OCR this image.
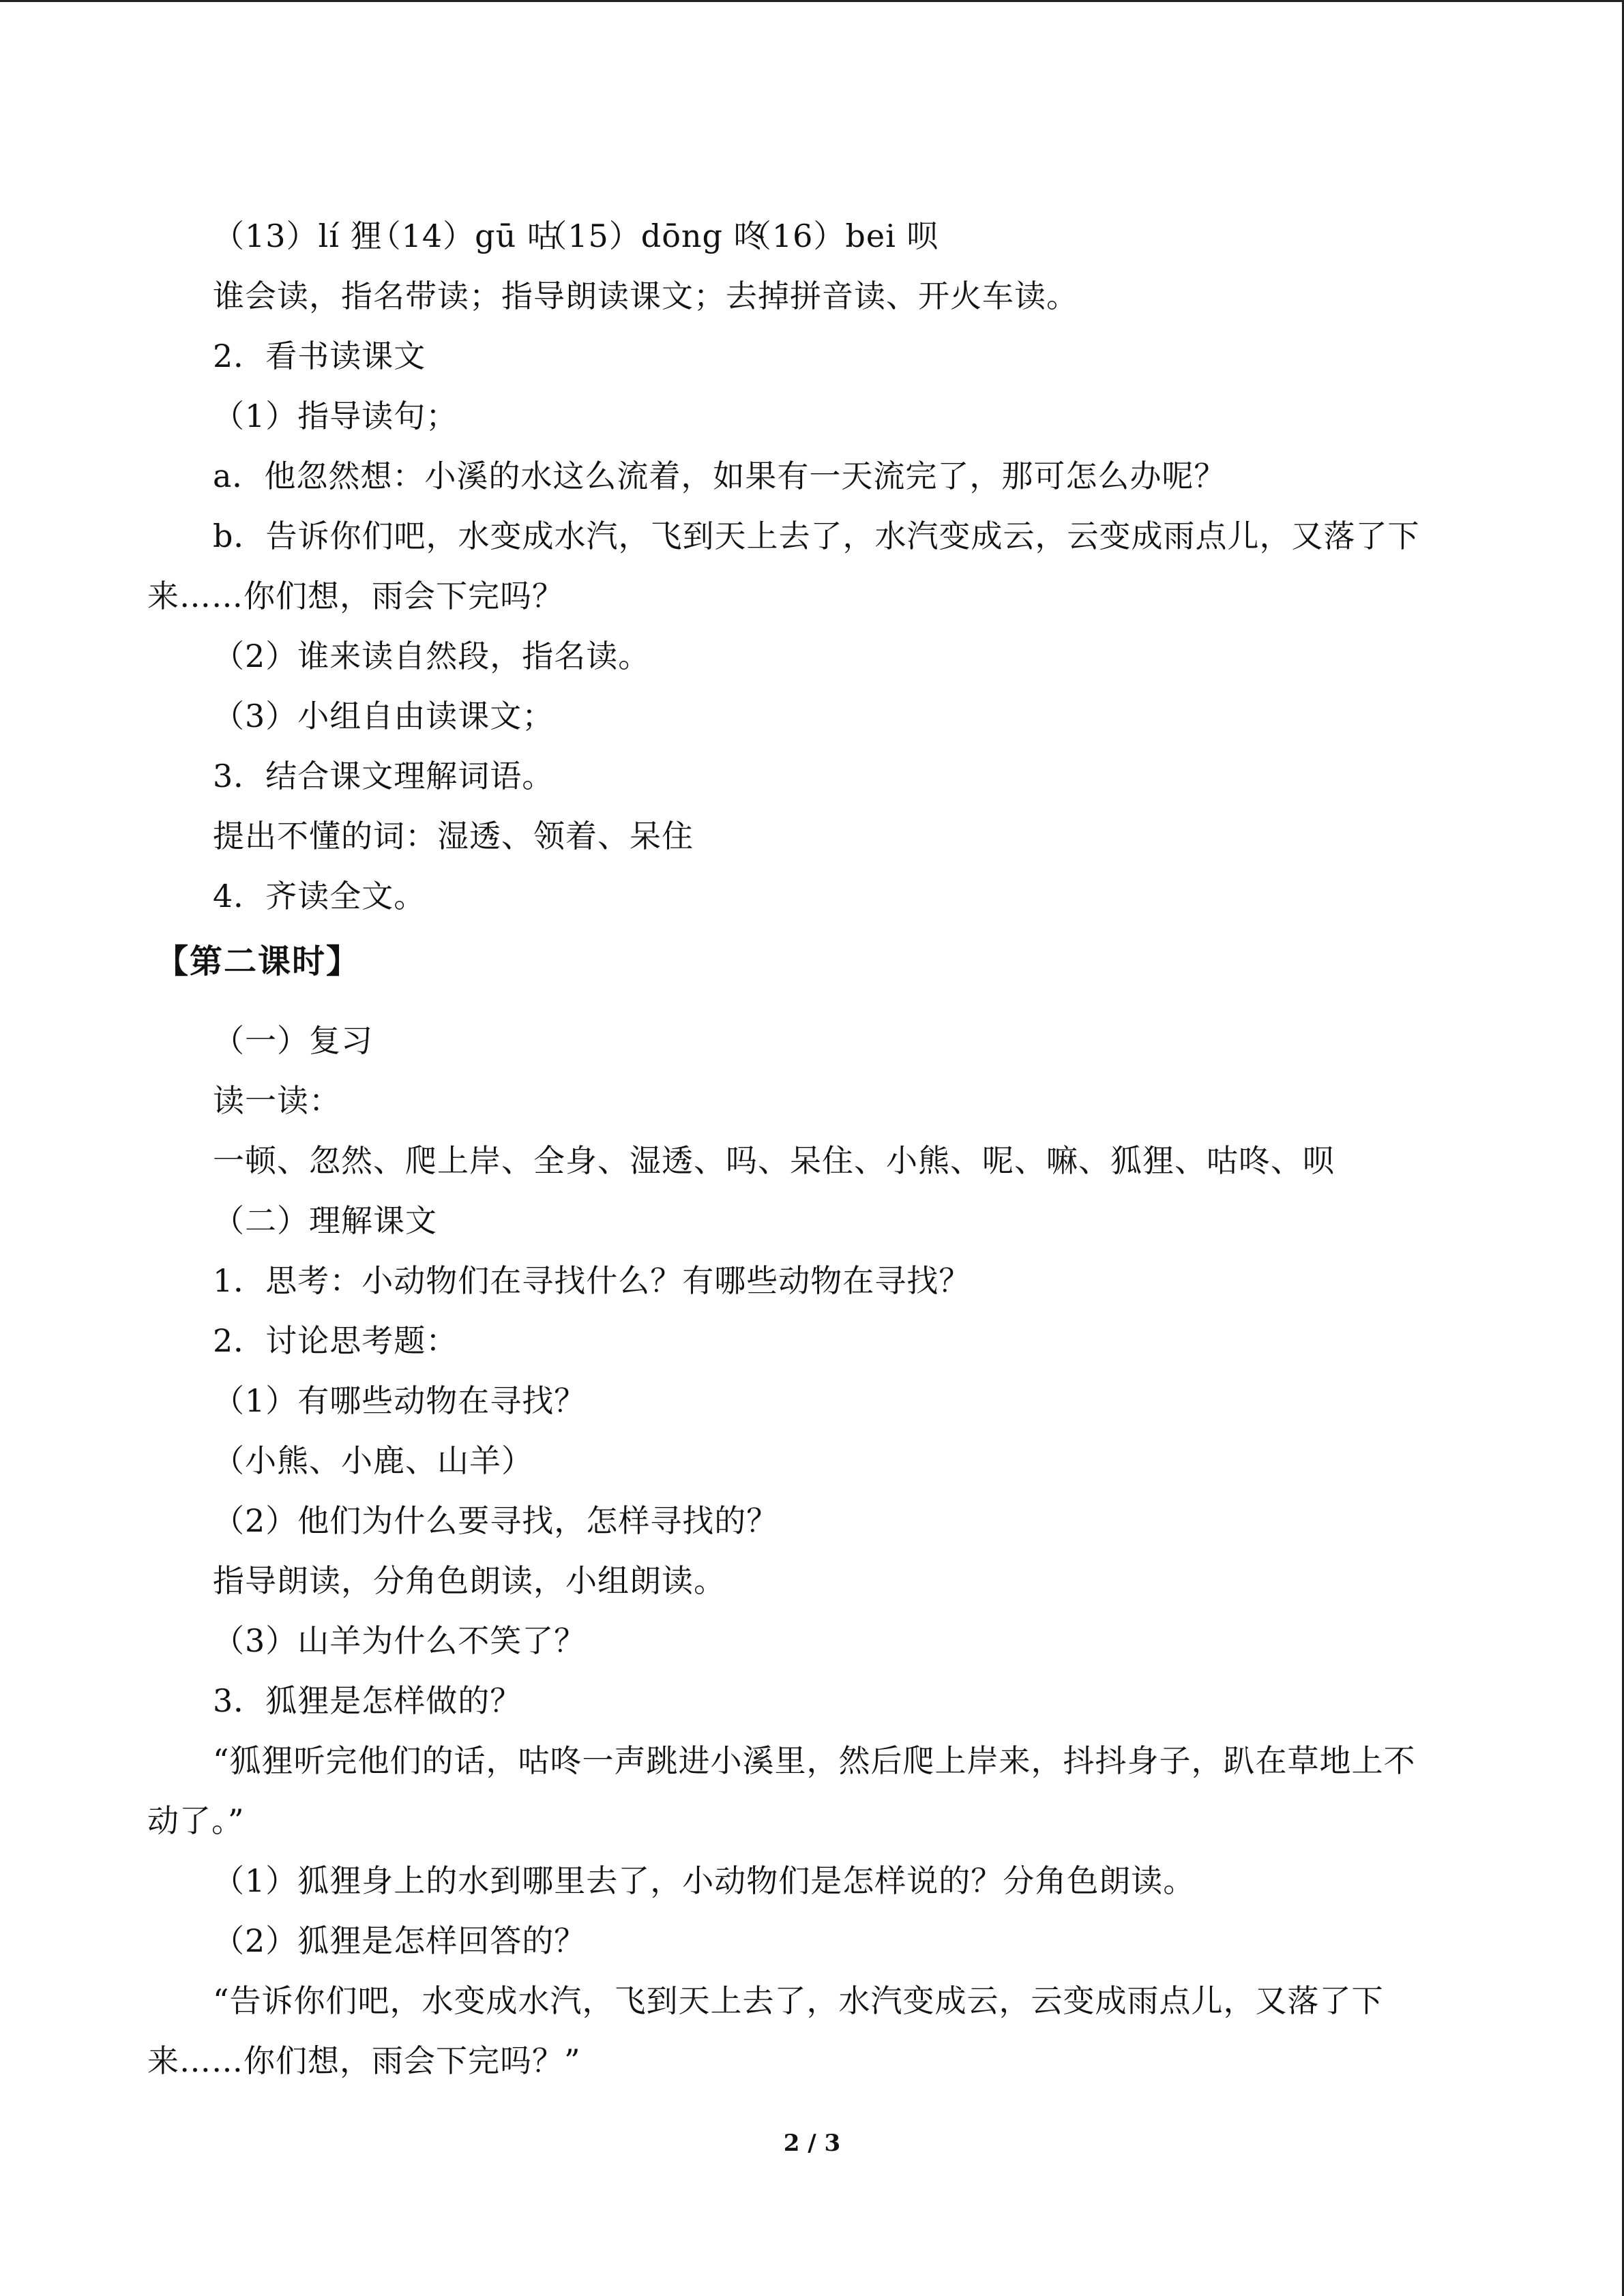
（13）lí 狸 （14）gū 咕 （15）dōng 咚 （16）bei 呗
谁会读，指名带读；指导朗读课文；去掉拼音读、开火车读。
2．看书读课文
（1）指导读句；
a．他忽然想：小溪的水这么流着，如果有一天流完了，那可怎么办呢？
b．告诉你们吧，水变成水汽，飞到天上去了，水汽变成云，云变成雨点儿，又落了下
来……你们想，雨会下完吗？
（2）谁来读自然段，指名读。
（3）小组自由读课文；
3．结合课文理解词语。
提出不懂的词：湿透、领着、呆住
4．齐读全文。
【第二课时】
（一）复习
读一读：
一顿、忽然、爬上岸、全身、湿透、吗、呆住、小熊、呢、嘛、狐狸、咕咚、呗
（二）理解课文
1．思考：小动物们在寻找什么？有哪些动物在寻找？
2．讨论思考题：
（1）有哪些动物在寻找？
（小熊、小鹿、山羊）
（2）他们为什么要寻找，怎样寻找的？
指导朗读，分角色朗读，小组朗读。
（3）山羊为什么不笑了？
3．狐狸是怎样做的？
“狐狸听完他们的话，咕咚一声跳进小溪里，然后爬上岸来，抖抖身子，趴在草地上不
动了。”
（1）狐狸身上的水到哪里去了，小动物们是怎样说的？分角色朗读。
（2）狐狸是怎样回答的？
“告诉你们吧，水变成水汽，飞到天上去了，水汽变成云，云变成雨点儿，又落了下
来……你们想，雨会下完吗？”
2 / 3
